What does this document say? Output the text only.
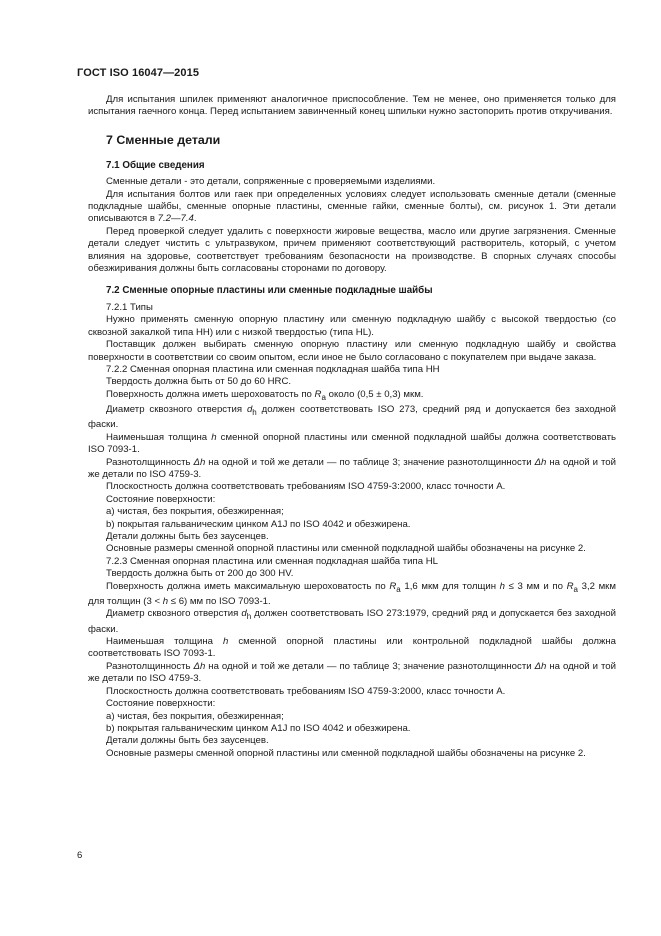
ГОСТ ISO 16047—2015

Для испытания шпилек применяют аналогичное приспособление. Тем не менее, оно применяется только для испытания гаечного конца. Перед испытанием завинченный конец шпильки нужно застопорить против откручивания.

7 Сменные детали
7.1 Общие сведения

Сменные детали - это детали, сопряженные с проверяемыми изделиями.

Для испытания болтов или гаек при определенных условиях следует использовать сменные детали (сменные подкладные шайбы, сменные опорные пластины, сменные гайки, сменные болты), см. рисунок 1. Эти детали описываются в 7.2—7.4.

Перед проверкой следует удалить с поверхности жировые вещества, масло или другие загрязнения. Сменные детали следует чистить с ультразвуком, причем применяют соответствующий растворитель, который, с учетом влияния на здоровье, соответствует требованиям безопасности на производстве. В спорных случаях способы обезжиривания должны быть согласованы сторонами по договору.

7.2 Сменные опорные пластины или сменные подкладные шайбы

7.2.1 Типы

Нужно применять сменную опорную пластину или сменную подкладную шайбу с высокой твердостью (со сквозной закалкой типа НН) или с низкой твердостью (типа HL).

Поставщик должен выбирать сменную опорную пластину или сменную подкладную шайбу и свойства поверхности в соответствии со своим опытом, если иное не было согласовано с покупателем при выдаче заказа.

7.2.2 Сменная опорная пластина или сменная подкладная шайба типа НН

Твердость должна быть от 50 до 60 HRC.

Поверхность должна иметь шероховатость по $R_a$ около (0,5 ± 0,3) мкм.

Диаметр сквозного отверстия $d_h$ должен соответствовать ISO 273, средний ряд и допускается без заходной фаски.

Наименьшая толщина h сменной опорной пластины или сменной подкладной шайбы должна соответствовать ISO 7093-1.

Разнотолщинность Δh на одной и той же детали — по таблице 3; значение разнотолщинности Δh на одной и той же детали по ISO 4759-3.

Плоскостность должна соответствовать требованиям ISO 4759-3:2000, класс точности А.

Состояние поверхности:

а) чистая, без покрытия, обезжиренная;

b) покрытая гальваническим цинком A1J по ISO 4042 и обезжирена.

Детали должны быть без заусенцев.

Основные размеры сменной опорной пластины или сменной подкладной шайбы обозначены на рисунке 2.

7.2.3 Сменная опорная пластина или сменная подкладная шайба типа HL

Твердость должна быть от 200 до 300 HV.

Поверхность должна иметь максимальную шероховатость по $R_a$ 1,6 мкм для толщин h ≤ 3 мм и по $R_a$ 3,2 мкм для толщин (3 < h ≤ 6) мм по ISO 7093-1.

Диаметр сквозного отверстия $d_h$ должен соответствовать ISO 273:1979, средний ряд и допускается без заходной фаски.

Наименьшая толщина h сменной опорной пластины или контрольной подкладной шайбы должна соответствовать ISO 7093-1.

Разнотолщинность Δh на одной и той же детали — по таблице 3; значение разнотолщинности Δh на одной и той же детали по ISO 4759-3.

Плоскостность должна соответствовать требованиям ISO 4759-3:2000, класс точности А.

Состояние поверхности:

а) чистая, без покрытия, обезжиренная;

b) покрытая гальваническим цинком A1J по ISO 4042 и обезжирена.

Детали должны быть без заусенцев.

Основные размеры сменной опорной пластины или сменной подкладной шайбы обозначены на рисунке 2.

6
